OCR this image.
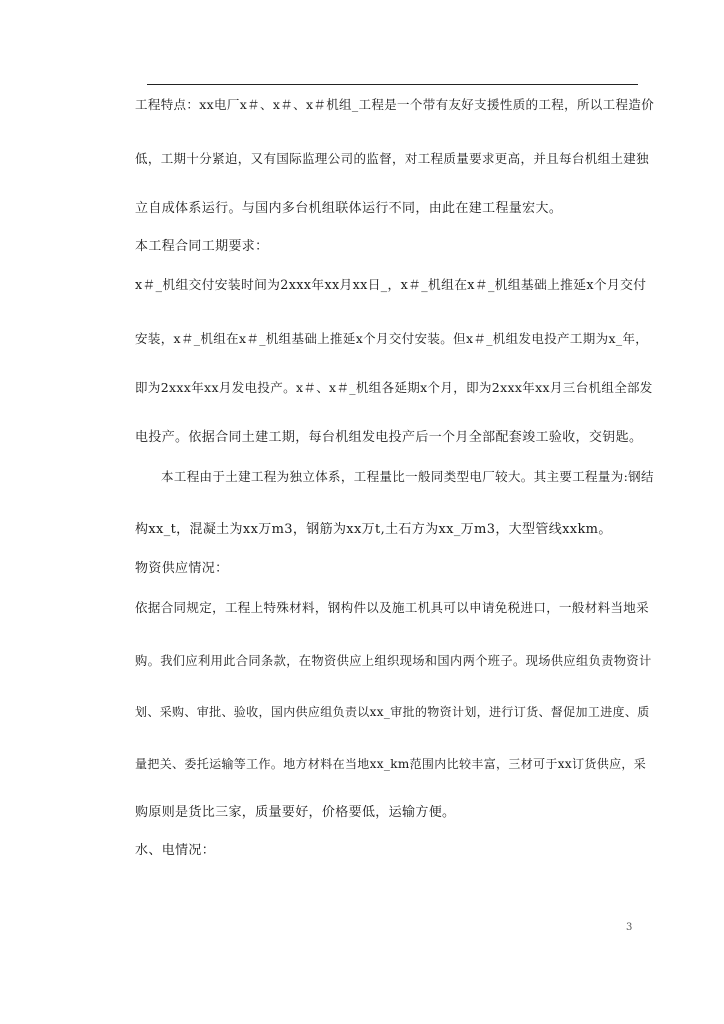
工程特点：xx电厂x＃、x＃、x＃机组_工程是一个带有友好支援性质的工程，所以工程造价
低，工期十分紧迫，又有国际监理公司的监督，对工程质量要求更高，并且每台机组土建独
立自成体系运行。与国内多台机组联体运行不同，由此在建工程量宏大。
本工程合同工期要求：
x＃_机组交付安装时间为2xxx年xx月xx日_，x＃_机组在x＃_机组基础上推延x个月交付
安装，x＃_机组在x＃_机组基础上推延x个月交付安装。但x＃_机组发电投产工期为x_年，
即为2xxx年xx月发电投产。x＃、x＃_机组各延期x个月，即为2xxx年xx月三台机组全部发
电投产。依据合同土建工期，每台机组发电投产后一个月全部配套竣工验收，交钥匙。
本工程由于土建工程为独立体系，工程量比一般同类型电厂较大。其主要工程量为:钢结
构xx_t，混凝土为xx万m3，钢筋为xx万t,土石方为xx_万m3，大型管线xxkm。
物资供应情况：
依据合同规定，工程上特殊材料，钢构件以及施工机具可以申请免税进口，一般材料当地采
购。我们应利用此合同条款，在物资供应上组织现场和国内两个班子。现场供应组负责物资计
划、采购、审批、验收，国内供应组负责以xx_审批的物资计划，进行订货、督促加工进度、质
量把关、委托运输等工作。地方材料在当地xx_km范围内比较丰富，三材可于xx订货供应，采
购原则是货比三家，质量要好，价格要低，运输方便。
水、电情况：
3
